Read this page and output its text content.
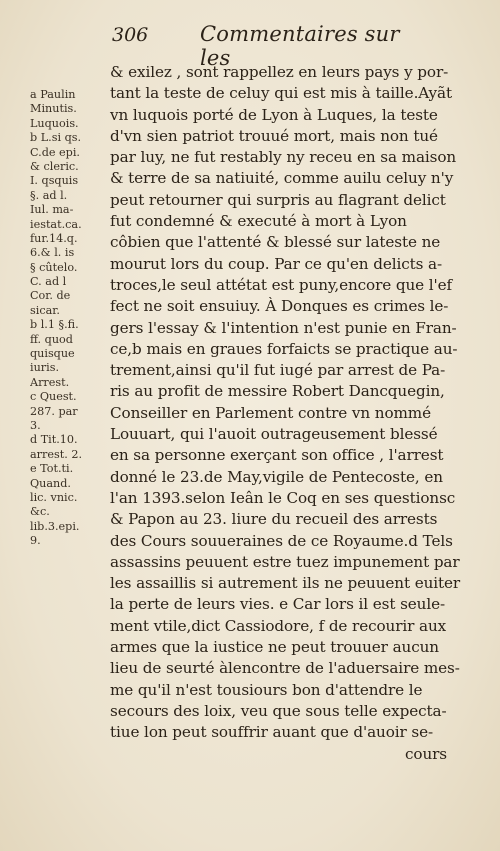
306 Commentaires sur les
& exilez , sont rappellez en leurs pays y por-
tant la teste de celuy qui est mis à taille.Ayãt
vn luquois porté de Lyon à Luques, la teste
d'vn sien patriot trouué mort, mais non tué
par luy, ne fut restably ny receu en sa maison
& terre de sa natiuité, comme auilu celuy n'y
peut retourner qui surpris au flagrant delict
fut condemné & executé à mort à Lyon
côbien que l'attenté & blessé sur lateste ne
mourut lors du coup. Par ce qu'en delicts a-
troces,le seul attétat est puny,encore que l'ef
fect ne soit ensuiuy. À Donques es crimes le-
gers l'essay & l'intention n'est punie en Fran-
ce,b mais en graues forfaicts se practique au-
trement,ainsi qu'il fut iugé par arrest de Pa-
ris au profit de messire Robert Dancquegin,
Conseiller en Parlement contre vn nommé
Louuart, qui l'auoit outrageusement blessé
en sa personne exerçant son office , l'arrest
donné le 23.de May,vigile de Pentecoste, en
l'an 1393.selon Ieân le Coq en ses questionsc
& Papon au 23. liure du recueil des arrests
des Cours souueraines de ce Royaume.d Tels
assassins peuuent estre tuez impunement par
les assaillis si autrement ils ne peuuent euiter
la perte de leurs vies. e Car lors il est seule-
ment vtile,dict Cassiodore, f de recourir aux
armes que la iustice ne peut trouuer aucun
lieu de seurté àlencontre de l'aduersaire mes-
me qu'il n'est tousiours bon d'attendre le
secours des loix, veu que sous telle expecta-
tiue lon peut souffrir auant que d'auoir se-
cours
a Paulin
Minutis.
Luquois.
b L.si qs.
C.de epi.
& cleric.
I. qsquis
§. ad l.
Iul. ma-
iestat.ca.
fur.14.q.
6.& l. is
§ cûtelo.
C. ad l
Cor. de
sicar.
b l.1 §.fi.
ff. quod
quisque
iuris.
Arrest.
c Quest.
287. par
3.
d Tit.10.
arrest. 2.
e Tot.ti.
Quand.
lic. vnic.
&c.
lib.3.epi.
9.
